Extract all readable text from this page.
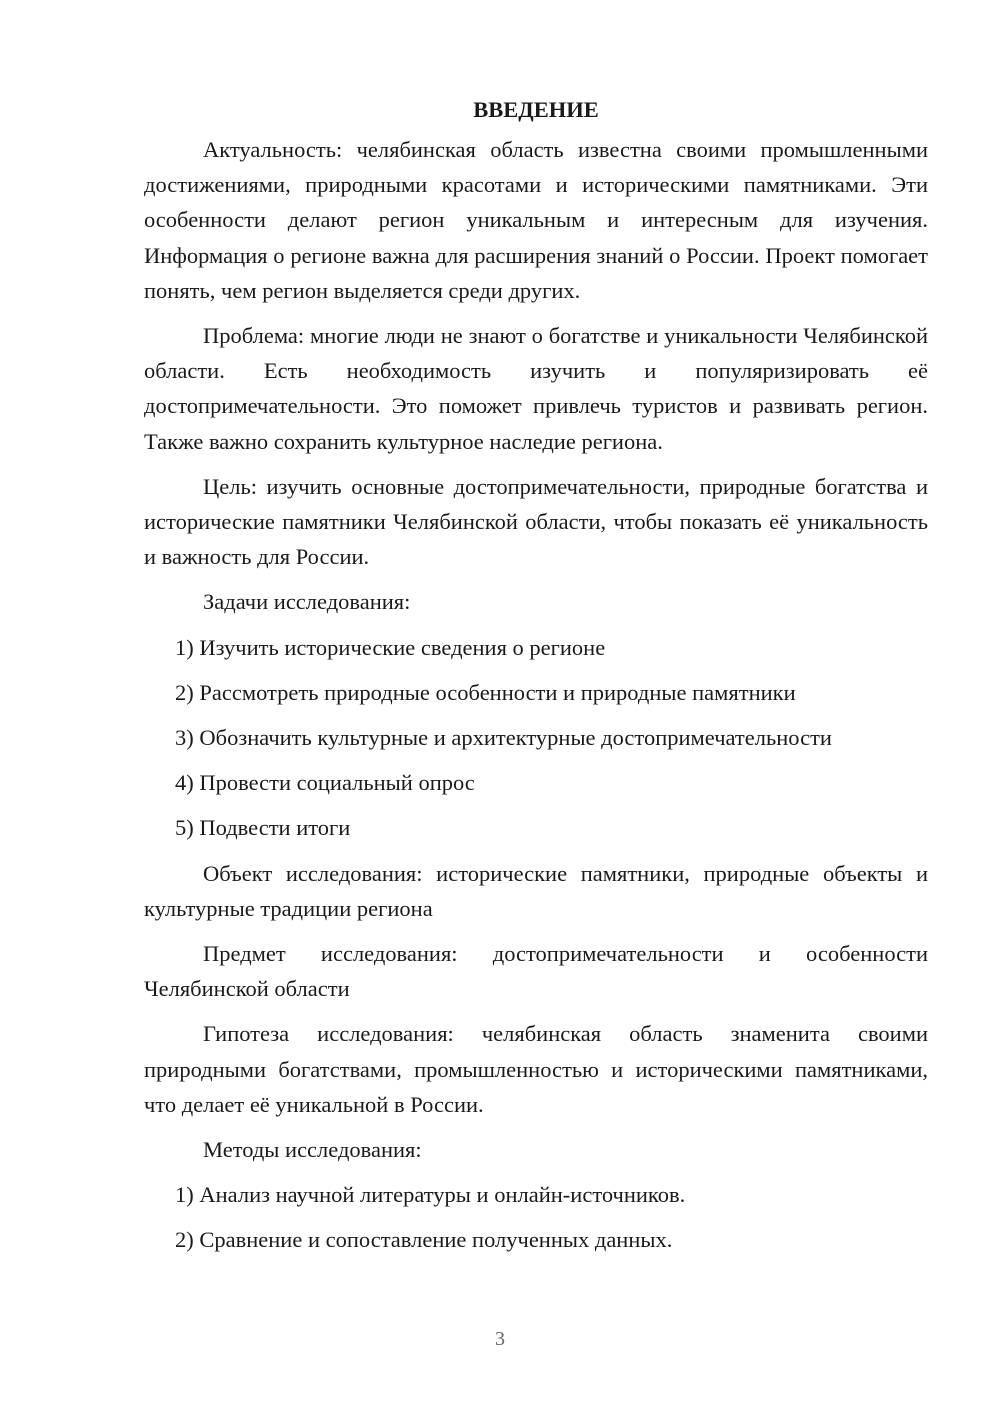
ВВЕДЕНИЕ

Актуальность: челябинская область известна своими промышленными достижениями, природными красотами и историческими памятниками. Эти особенности делают регион уникальным и интересным для изучения. Информация о регионе важна для расширения знаний о России. Проект помогает понять, чем регион выделяется среди других.

Проблема: многие люди не знают о богатстве и уникальности Челябинской области. Есть необходимость изучить и популяризировать её достопримечательности. Это поможет привлечь туристов и развивать регион. Также важно сохранить культурное наследие региона.

Цель: изучить основные достопримечательности, природные богатства и исторические памятники Челябинской области, чтобы показать её уникальность и важность для России.

Задачи исследования:

1) Изучить исторические сведения о регионе

2) Рассмотреть природные особенности и природные памятники

3) Обозначить культурные и архитектурные достопримечательности

4) Провести социальный опрос

5) Подвести итоги

Объект исследования: исторические памятники, природные объекты и культурные традиции региона

Предмет исследования: достопримечательности и особенности Челябинской области

Гипотеза исследования: челябинская область знаменита своими природными богатствами, промышленностью и историческими памятниками, что делает её уникальной в России.

Методы исследования:

1) Анализ научной литературы и онлайн-источников.

2) Сравнение и сопоставление полученных данных.

3
